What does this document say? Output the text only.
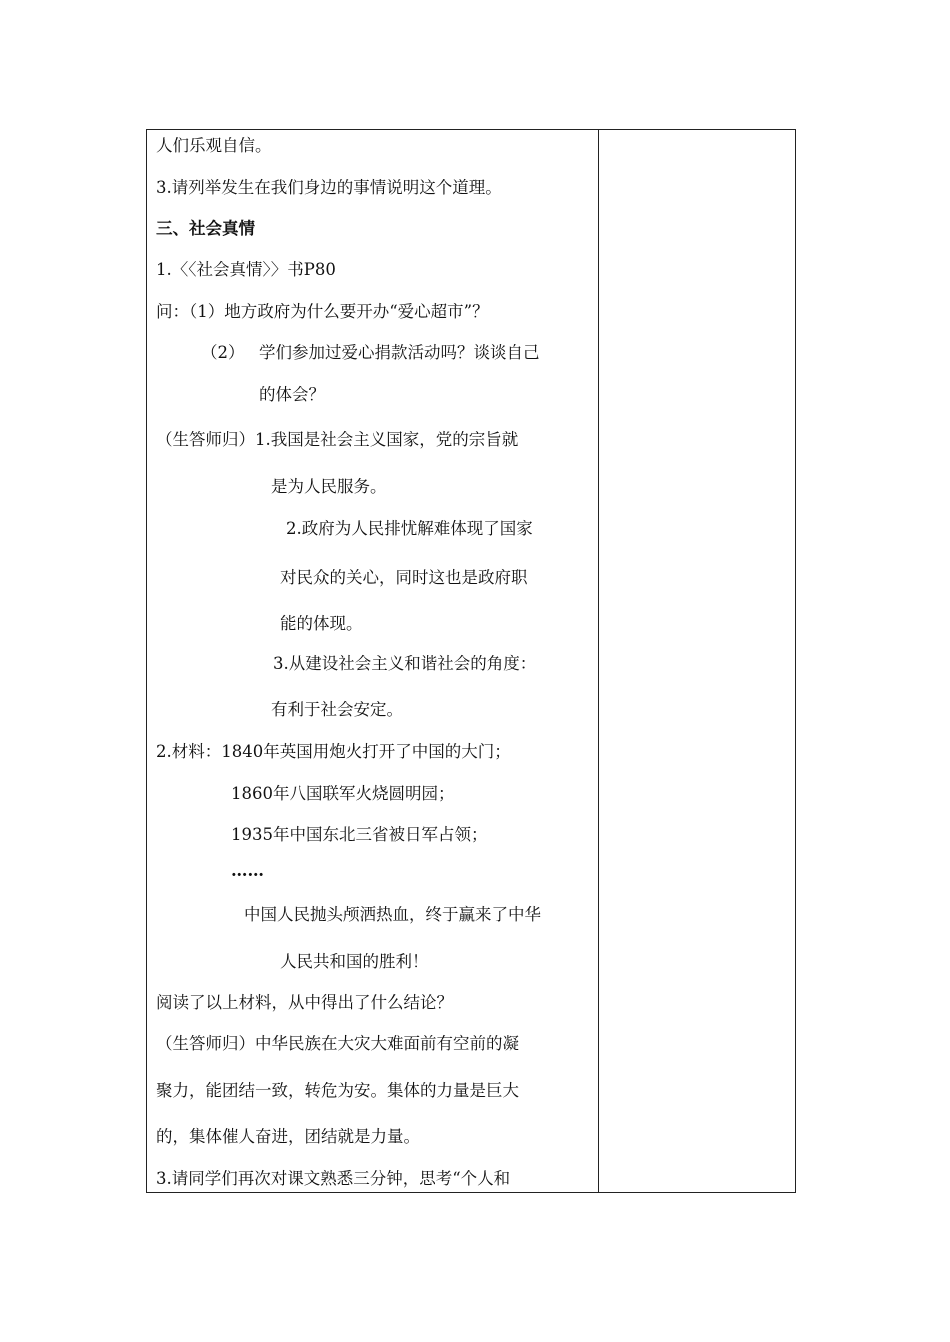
人们乐观自信。
3.请列举发生在我们身边的事情说明这个道理。
三、社会真情
1.〈〈社会真情〉〉书P80
问：（1）地方政府为什么要开办“爱心超市”？
（2） 学们参加过爱心捐款活动吗？谈谈自己
的体会？
（生答师归）1.我国是社会主义国家，党的宗旨就
是为人民服务。
2.政府为人民排忧解难体现了国家
对民众的关心，同时这也是政府职
能的体现。
3.从建设社会主义和谐社会的角度：
有利于社会安定。
2.材料：1840年英国用炮火打开了中国的大门；
1860年八国联军火烧圆明园；
1935年中国东北三省被日军占领；
……
中国人民抛头颅洒热血，终于赢来了中华
人民共和国的胜利！
阅读了以上材料，从中得出了什么结论？
（生答师归）中华民族在大灾大难面前有空前的凝
聚力，能团结一致，转危为安。集体的力量是巨大
的，集体催人奋进，团结就是力量。
3.请同学们再次对课文熟悉三分钟，思考“个人和
